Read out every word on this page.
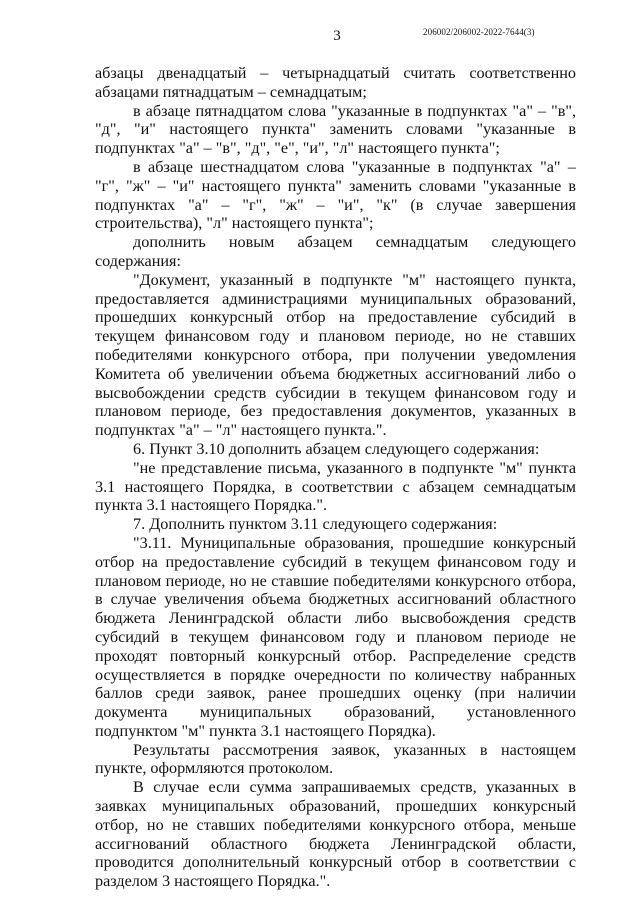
3	206002/206002-2022-7644(3)

абзацы двенадцатый – четырнадцатый считать соответственно абзацами пятнадцатым – семнадцатым;

в абзаце пятнадцатом слова "указанные в подпунктах "а" – "в", "д", "и" настоящего пункта" заменить словами "указанные в подпунктах "а" – "в", "д", "е", "и", "л" настоящего пункта";

в абзаце шестнадцатом слова "указанные в подпунктах "а" – "г", "ж" – "и" настоящего пункта" заменить словами "указанные в подпунктах "а" – "г", "ж" – "и", "к" (в случае завершения строительства), "л" настоящего пункта";

дополнить новым абзацем семнадцатым следующего содержания:

"Документ, указанный в подпункте "м" настоящего пункта, предоставляется администрациями муниципальных образований, прошедших конкурсный отбор на предоставление субсидий в текущем финансовом году и плановом периоде, но не ставших победителями конкурсного отбора, при получении уведомления Комитета об увеличении объема бюджетных ассигнований либо о высвобождении средств субсидии в текущем финансовом году и плановом периоде, без предоставления документов, указанных в подпунктах "а" – "л" настоящего пункта.".

6. Пункт 3.10 дополнить абзацем следующего содержания:

"не представление письма, указанного в подпункте "м" пункта 3.1 настоящего Порядка, в соответствии с абзацем семнадцатым пункта 3.1 настоящего Порядка.".

7. Дополнить пунктом 3.11 следующего содержания:

"3.11. Муниципальные образования, прошедшие конкурсный отбор на предоставление субсидий в текущем финансовом году и плановом периоде, но не ставшие победителями конкурсного отбора, в случае увеличения объема бюджетных ассигнований областного бюджета Ленинградской области либо высвобождения средств субсидий в текущем финансовом году и плановом периоде не проходят повторный конкурсный отбор. Распределение средств осуществляется в порядке очередности по количеству набранных баллов среди заявок, ранее прошедших оценку (при наличии документа муниципальных образований, установленного подпунктом "м" пункта 3.1 настоящего Порядка).

Результаты рассмотрения заявок, указанных в настоящем пункте, оформляются протоколом.

В случае если сумма запрашиваемых средств, указанных в заявках муниципальных образований, прошедших конкурсный отбор, но не ставших победителями конкурсного отбора, меньше ассигнований областного бюджета Ленинградской области, проводится дополнительный конкурсный отбор в соответствии с разделом 3 настоящего Порядка.".
